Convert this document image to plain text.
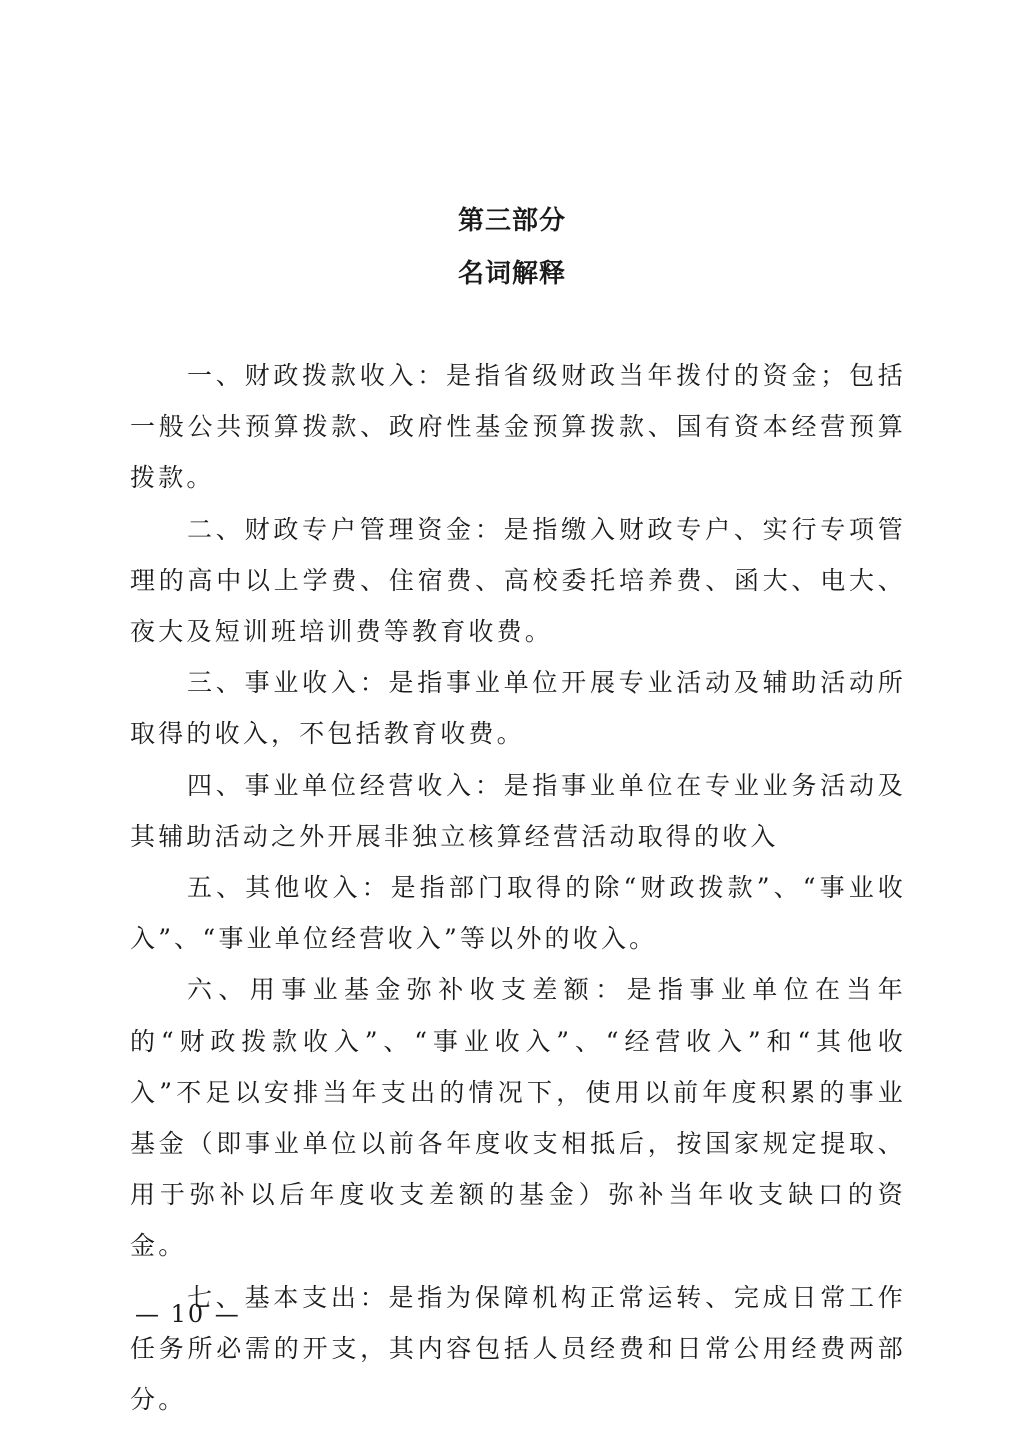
第三部分
名词解释

一、财政拨款收入：是指省级财政当年拨付的资金；包括一般公共预算拨款、政府性基金预算拨款、国有资本经营预算拨款。

二、财政专户管理资金：是指缴入财政专户、实行专项管理的高中以上学费、住宿费、高校委托培养费、函大、电大、夜大及短训班培训费等教育收费。

三、事业收入：是指事业单位开展专业活动及辅助活动所取得的收入，不包括教育收费。

四、事业单位经营收入：是指事业单位在专业业务活动及其辅助活动之外开展非独立核算经营活动取得的收入

五、其他收入：是指部门取得的除“财政拨款”、“事业收入”、“事业单位经营收入”等以外的收入。

六、用事业基金弥补收支差额：是指事业单位在当年的“财政拨款收入”、“事业收入”、“经营收入”和“其他收入”不足以安排当年支出的情况下，使用以前年度积累的事业基金（即事业单位以前各年度收支相抵后，按国家规定提取、用于弥补以后年度收支差额的基金）弥补当年收支缺口的资金。

七、基本支出：是指为保障机构正常运转、完成日常工作任务所必需的开支，其内容包括人员经费和日常公用经费两部分。

— 10 —
